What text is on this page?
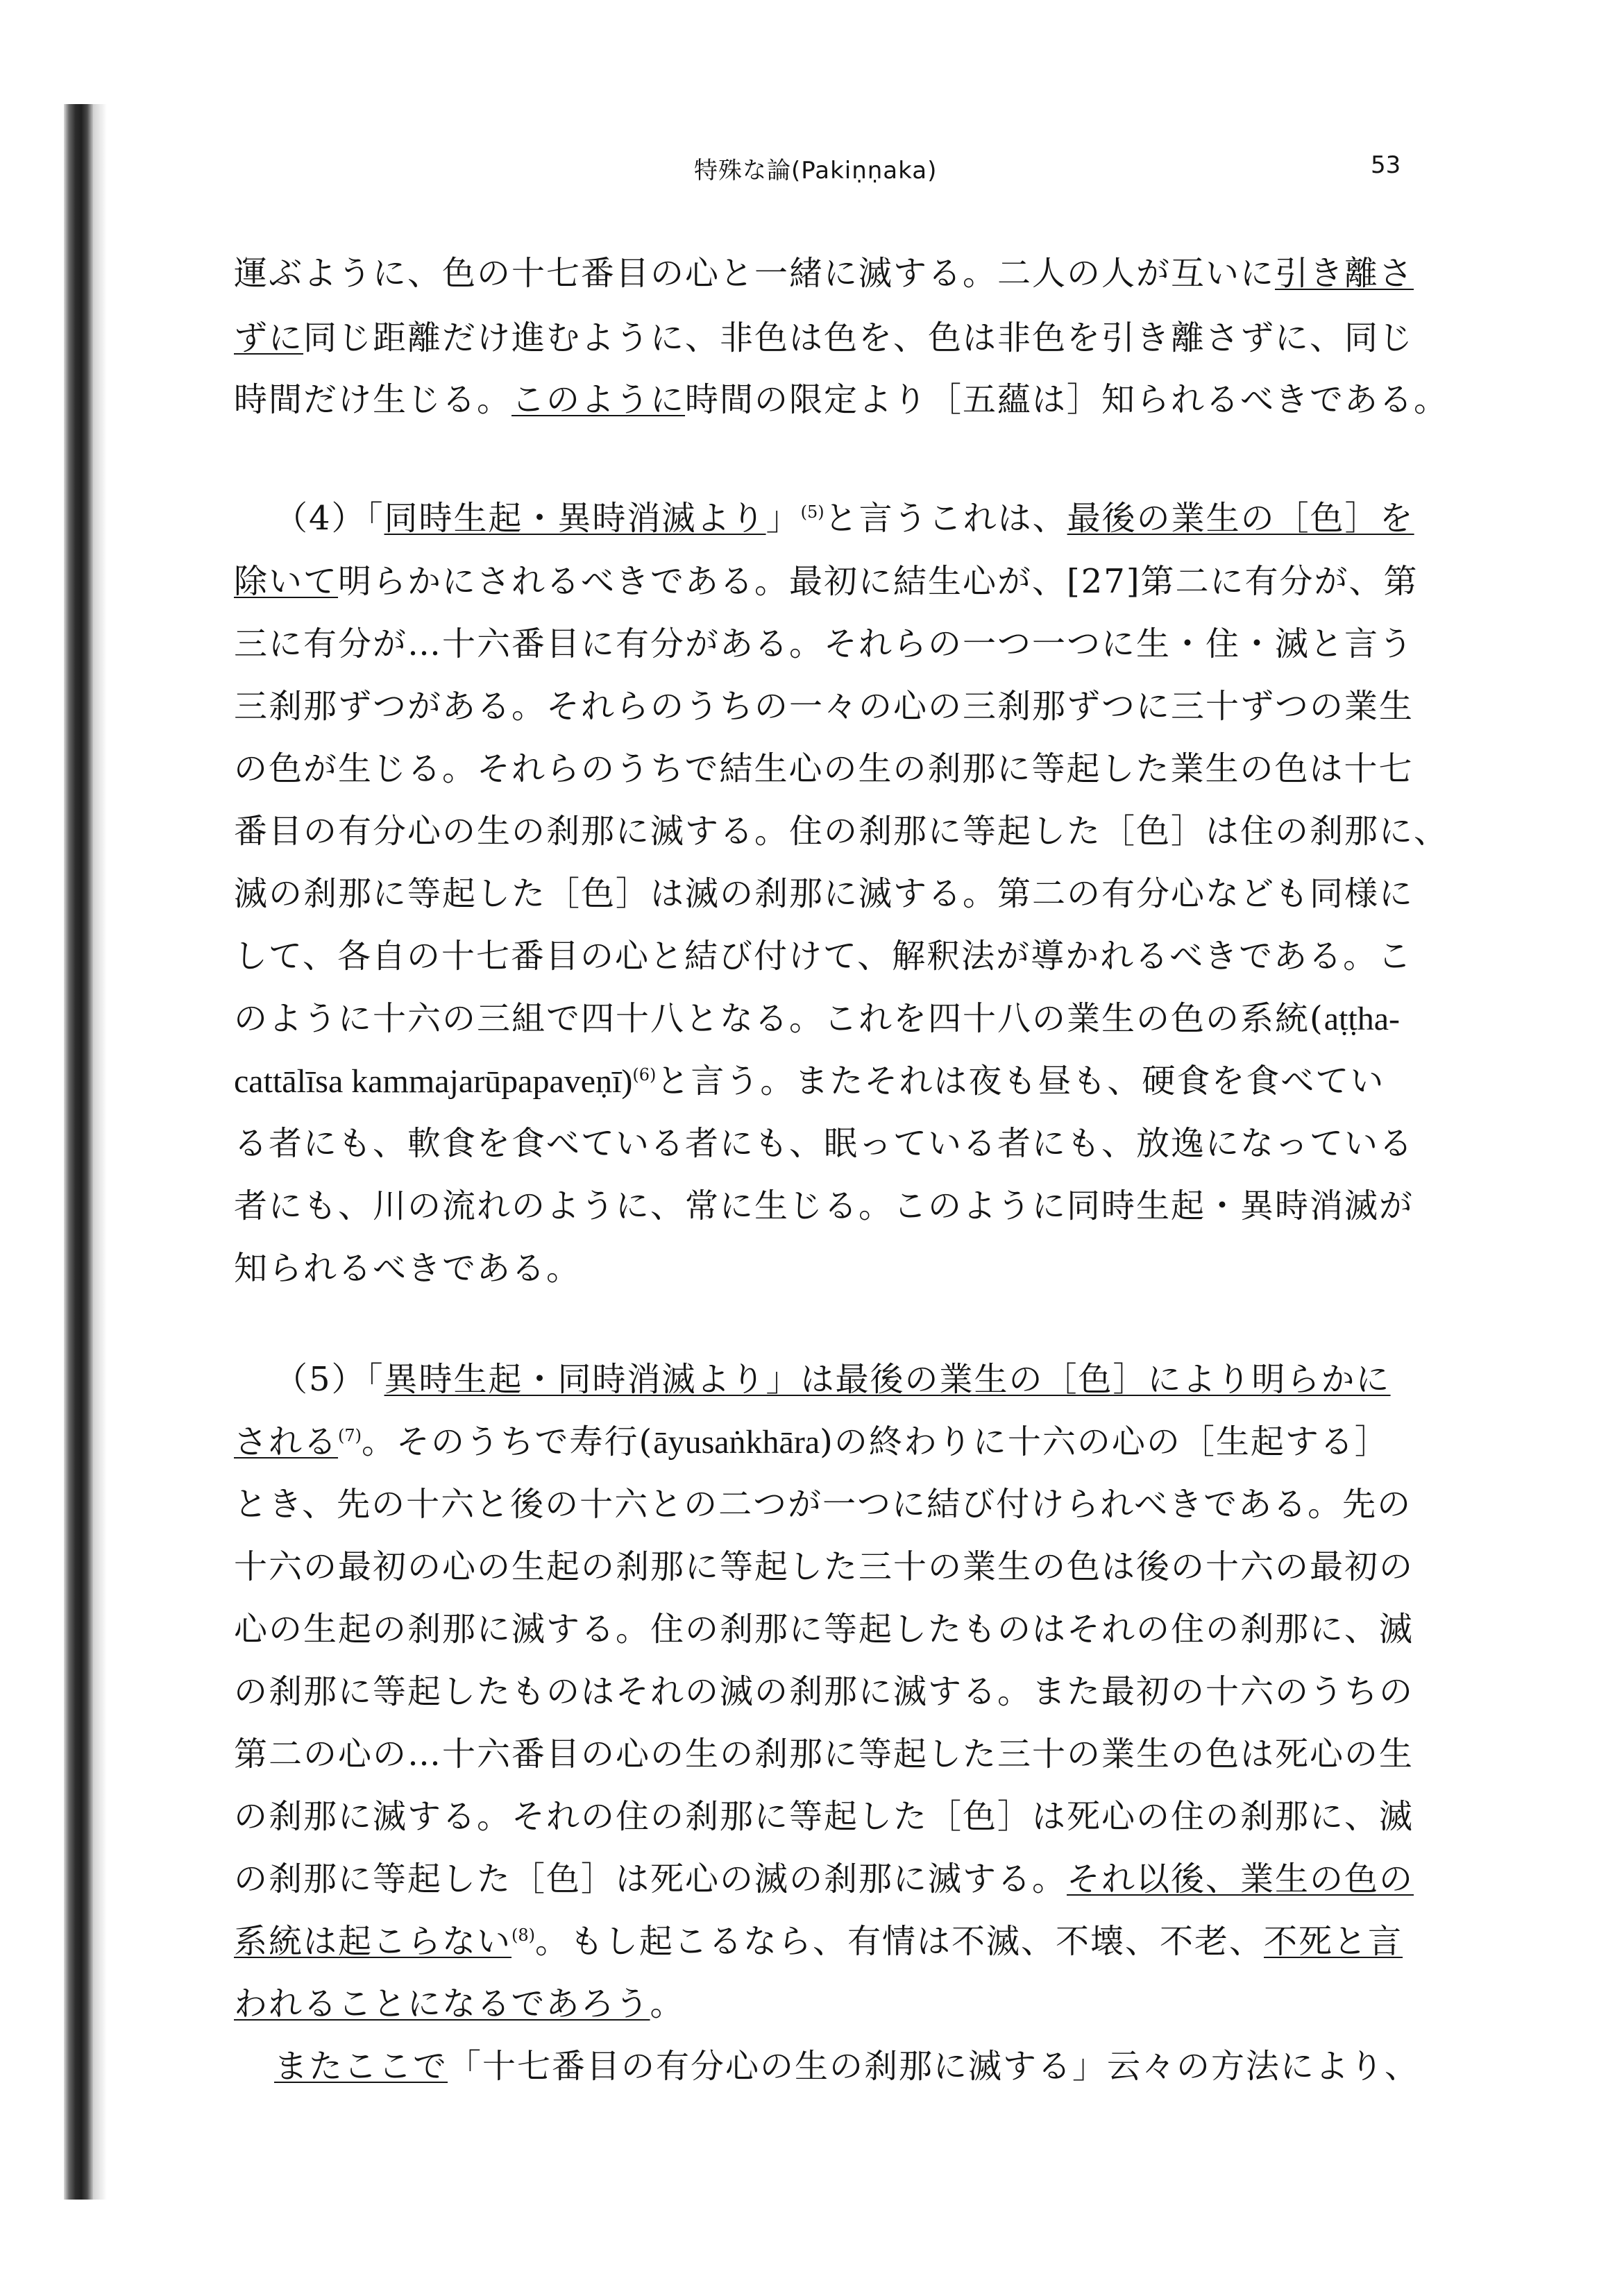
特殊な論(Pakiṇṇaka)	53
運ぶように、色の十七番目の心と一緒に滅する。二人の人が互いに引き離さ
ずに同じ距離だけ進むように、非色は色を、色は非色を引き離さずに、同じ
時間だけ生じる。このように時間の限定より［五蘊は］知られるべきである。
（4）「同時生起・異時消滅より」$^{(5)}$と言うこれは、最後の業生の［色］を
除いて明らかにされるべきである。最初に結生心が、[27]第二に有分が、第
三に有分が…十六番目に有分がある。それらの一つ一つに生・住・滅と言う
三刹那ずつがある。それらのうちの一々の心の三刹那ずつに三十ずつの業生
の色が生じる。それらのうちで結生心の生の刹那に等起した業生の色は十七
番目の有分心の生の刹那に滅する。住の刹那に等起した［色］は住の刹那に、
滅の刹那に等起した［色］は滅の刹那に滅する。第二の有分心なども同様に
して、各自の十七番目の心と結び付けて、解釈法が導かれるべきである。こ
のように十六の三組で四十八となる。これを四十八の業生の色の系統(aṭṭha-
cattālīsa kammajarūpapaveṇī)$^{(6)}$と言う。またそれは夜も昼も、硬食を食べてい
る者にも、軟食を食べている者にも、眠っている者にも、放逸になっている
者にも、川の流れのように、常に生じる。このように同時生起・異時消滅が
知られるべきである。
（5）「異時生起・同時消滅より」は最後の業生の［色］により明らかに
される$^{(7)}$。そのうちで寿行(āyusaṅkhāra)の終わりに十六の心の［生起する］
とき、先の十六と後の十六との二つが一つに結び付けられべきである。先の
十六の最初の心の生起の刹那に等起した三十の業生の色は後の十六の最初の
心の生起の刹那に滅する。住の刹那に等起したものはそれの住の刹那に、滅
の刹那に等起したものはそれの滅の刹那に滅する。また最初の十六のうちの
第二の心の…十六番目の心の生の刹那に等起した三十の業生の色は死心の生
の刹那に滅する。それの住の刹那に等起した［色］は死心の住の刹那に、滅
の刹那に等起した［色］は死心の滅の刹那に滅する。それ以後、業生の色の
系統は起こらない$^{(8)}$。もし起こるなら、有情は不滅、不壊、不老、不死と言
われることになるであろう。
またここで「十七番目の有分心の生の刹那に滅する」云々の方法により、
